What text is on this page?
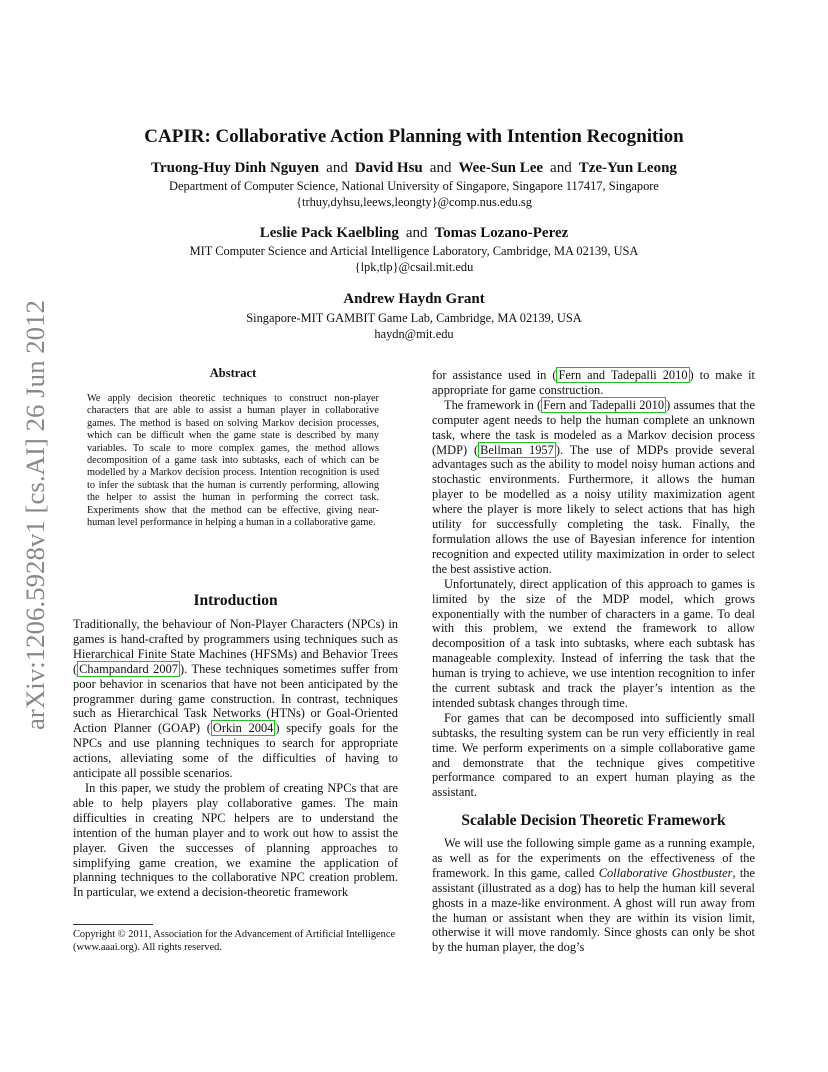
arXiv:1206.5928v1 [cs.AI] 26 Jun 2012
CAPIR: Collaborative Action Planning with Intention Recognition
Truong-Huy Dinh Nguyen and David Hsu and Wee-Sun Lee and Tze-Yun Leong
Department of Computer Science, National University of Singapore, Singapore 117417, Singapore
{trhuy,dyhsu,leews,leongty}@comp.nus.edu.sg
Leslie Pack Kaelbling and Tomas Lozano-Perez
MIT Computer Science and Articial Intelligence Laboratory, Cambridge, MA 02139, USA
{lpk,tlp}@csail.mit.edu
Andrew Haydn Grant
Singapore-MIT GAMBIT Game Lab, Cambridge, MA 02139, USA
haydn@mit.edu
Abstract
We apply decision theoretic techniques to construct non-player characters that are able to assist a human player in collaborative games. The method is based on solving Markov decision processes, which can be difficult when the game state is described by many variables. To scale to more complex games, the method allows decomposition of a game task into subtasks, each of which can be modelled by a Markov decision process. Intention recognition is used to infer the subtask that the human is currently performing, allowing the helper to assist the human in performing the correct task. Experiments show that the method can be effective, giving near-human level performance in helping a human in a collaborative game.
Introduction

Traditionally, the behaviour of Non-Player Characters (NPCs) in games is hand-crafted by programmers using techniques such as Hierarchical Finite State Machines (HFSMs) and Behavior Trees ( Champandard 2007 ). These techniques sometimes suffer from poor behavior in scenarios that have not been anticipated by the programmer during game construction. In contrast, techniques such as Hierarchical Task Networks (HTNs) or Goal-Oriented Action Planner (GOAP) ( Orkin 2004 ) specify goals for the NPCs and use planning techniques to search for appropriate actions, alleviating some of the difficulties of having to anticipate all possible scenarios.

In this paper, we study the problem of creating NPCs that are able to help players play collaborative games. The main difficulties in creating NPC helpers are to understand the intention of the human player and to work out how to assist the player. Given the successes of planning approaches to simplifying game creation, we examine the application of planning techniques to the collaborative NPC creation problem. In particular, we extend a decision-theoretic framework

for assistance used in ( Fern and Tadepalli 2010 ) to make it appropriate for game construction.

The framework in ( Fern and Tadepalli 2010 ) assumes that the computer agent needs to help the human complete an unknown task, where the task is modeled as a Markov decision process (MDP) ( Bellman 1957 ). The use of MDPs provide several advantages such as the ability to model noisy human actions and stochastic environments. Furthermore, it allows the human player to be modelled as a noisy utility maximization agent where the player is more likely to select actions that has high utility for successfully completing the task. Finally, the formulation allows the use of Bayesian inference for intention recognition and expected utility maximization in order to select the best assistive action.

Unfortunately, direct application of this approach to games is limited by the size of the MDP model, which grows exponentially with the number of characters in a game. To deal with this problem, we extend the framework to allow decomposition of a task into subtasks, where each subtask has manageable complexity. Instead of inferring the task that the human is trying to achieve, we use intention recognition to infer the current subtask and track the player’s intention as the intended subtask changes through time.

For games that can be decomposed into sufficiently small subtasks, the resulting system can be run very efficiently in real time. We perform experiments on a simple collaborative game and demonstrate that the technique gives competitive performance compared to an expert human playing as the assistant.

Scalable Decision Theoretic Framework

We will use the following simple game as a running example, as well as for the experiments on the effectiveness of the framework. In this game, called Collaborative Ghostbuster, the assistant (illustrated as a dog) has to help the human kill several ghosts in a maze-like environment. A ghost will run away from the human or assistant when they are within its vision limit, otherwise it will move randomly. Since ghosts can only be shot by the human player, the dog’s

Copyright © 2011, Association for the Advancement of Artificial Intelligence (www.aaai.org). All rights reserved.
